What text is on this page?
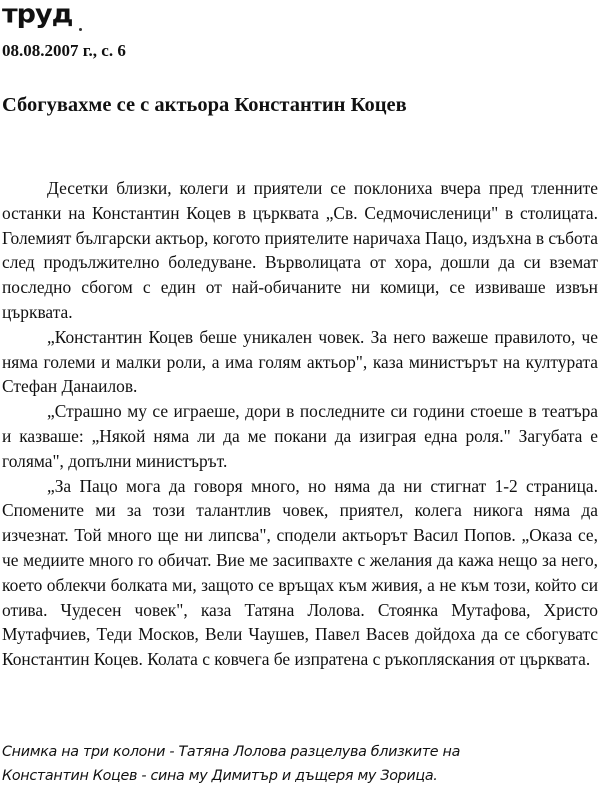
труд
08.08.2007 г., с. 6
Сбогувахме се с актьора Константин Коцев

Десетки близки, колеги и приятели се поклониха вчера пред тленните останки на Константин Коцев в църквата „Св. Седмочисленици" в столицата. Големият български актьор, когото приятелите наричаха Пацо, издъхна в събота след продължително боледуване. Върволицата от хора, дошли да си вземат последно сбогом с един от най-обичаните ни комици, се извиваше извън църквата.

„Константин Коцев беше уникален човек. За него важеше правилото, че няма големи и малки роли, а има голям актьор", каза министърът на културата Стефан Данаилов.

„Страшно му се играеше, дори в последните си години стоеше в театъра и казваше: „Някой няма ли да ме покани да изиграя една роля." Загубата е голяма", допълни министърът.

„За Пацо мога да говоря много, но няма да ни стигнат 1-2 страница. Спомените ми за този талантлив човек, приятел, колега никога няма да изчезнат. Той много ще ни липсва", сподели актьорът Васил Попов. „Оказа се, че медиите много го обичат. Вие ме засипвахте с желания да кажа нещо за него, което облекчи болката ми, защото се връщах към живия, а не към този, който си отива. Чудесен човек", каза Татяна Лолова. Стоянка Мутафова, Христо Мутафчиев, Теди Москов, Вели Чаушев, Павел Васев дойдоха да се сбогуватс Константин Коцев. Колата с ковчега бе изпратена с ръкопляскания от църквата.

Снимка на три колони - Татяна Лолова разцелува близките на
Константин Коцев - сина му Димитър и дъщеря му Зорица.
